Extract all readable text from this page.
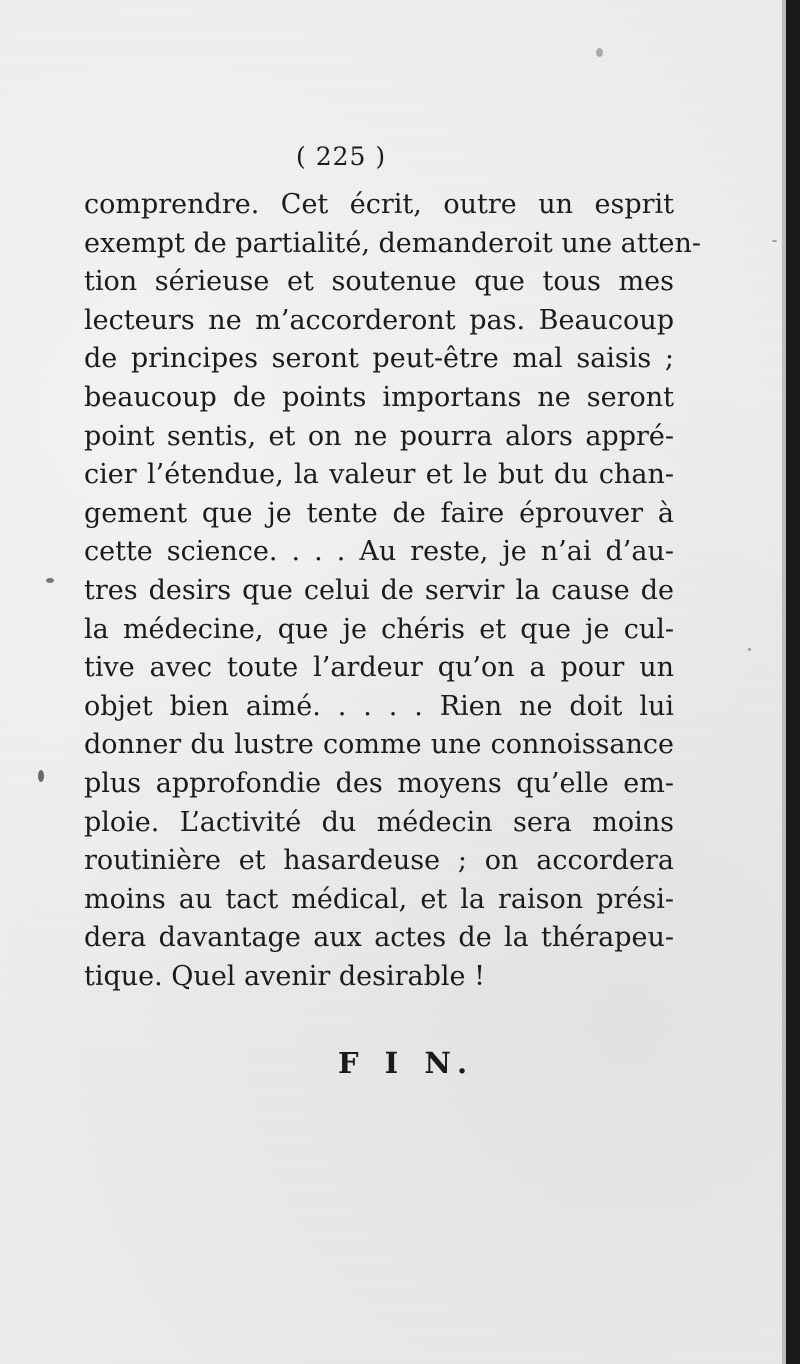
( 225 )
comprendre. Cet écrit, outre un esprit
exempt de partialité, demanderoit une atten-
tion sérieuse et soutenue que tous mes
lecteurs ne m’accorderont pas. Beaucoup
de principes seront peut-être mal saisis ;
beaucoup de points importans ne seront
point sentis, et on ne pourra alors appré-
cier l’étendue, la valeur et le but du chan-
gement que je tente de faire éprouver à
cette science. . . . Au reste, je n’ai d’au-
tres desirs que celui de servir la cause de
la médecine, que je chéris et que je cul-
tive avec toute l’ardeur qu’on a pour un
objet bien aimé. . . . . Rien ne doit lui
donner du lustre comme une connoissance
plus approfondie des moyens qu’elle em-
ploie. L’activité du médecin sera moins
routinière et hasardeuse ; on accordera
moins au tact médical, et la raison prési-
dera davantage aux actes de la thérapeu-
tique. Quel avenir desirable !
F I N.
